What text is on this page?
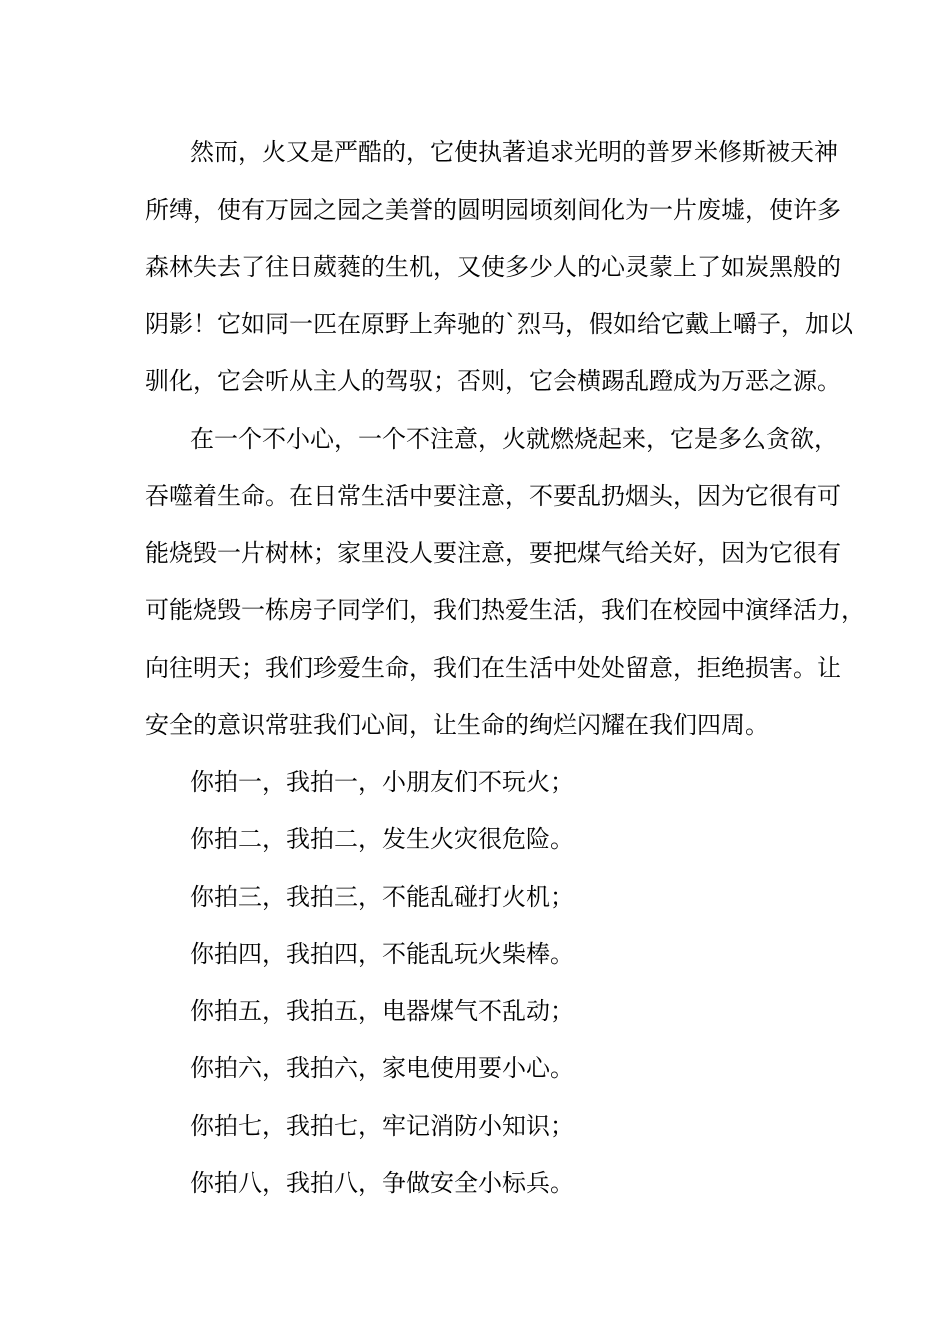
然而，火又是严酷的，它使执著追求光明的普罗米修斯被天神
所缚，使有万园之园之美誉的圆明园顷刻间化为一片废墟，使许多
森林失去了往日葳蕤的生机，又使多少人的心灵蒙上了如炭黑般的
阴影！它如同一匹在原野上奔驰的`烈马，假如给它戴上嚼子，加以
驯化，它会听从主人的驾驭；否则，它会横踢乱蹬成为万恶之源。
在一个不小心，一个不注意，火就燃烧起来，它是多么贪欲，
吞噬着生命。在日常生活中要注意，不要乱扔烟头，因为它很有可
能烧毁一片树林；家里没人要注意，要把煤气给关好，因为它很有
可能烧毁一栋房子同学们，我们热爱生活，我们在校园中演绎活力，
向往明天；我们珍爱生命，我们在生活中处处留意，拒绝损害。让
安全的意识常驻我们心间，让生命的绚烂闪耀在我们四周。
你拍一，我拍一，小朋友们不玩火；
你拍二，我拍二，发生火灾很危险。
你拍三，我拍三，不能乱碰打火机；
你拍四，我拍四，不能乱玩火柴棒。
你拍五，我拍五，电器煤气不乱动；
你拍六，我拍六，家电使用要小心。
你拍七，我拍七，牢记消防小知识；
你拍八，我拍八，争做安全小标兵。
